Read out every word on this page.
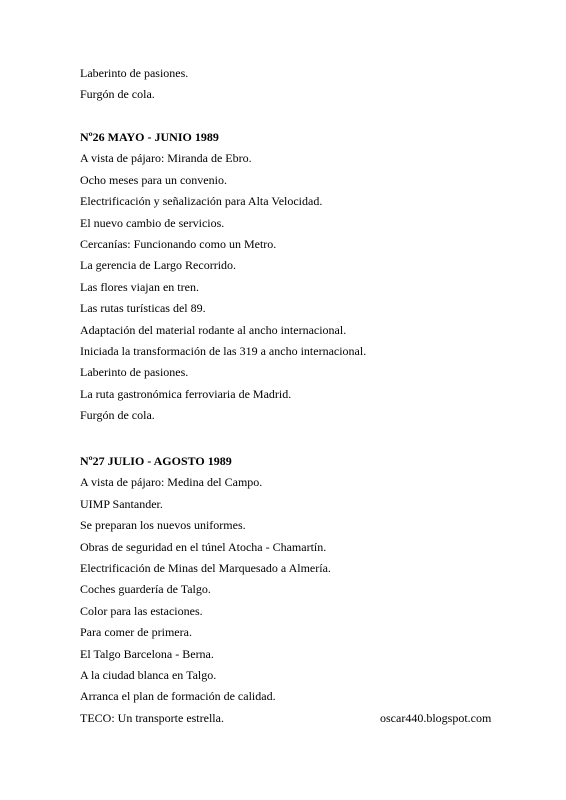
Laberinto de pasiones.
Furgón de cola.
Nº26 MAYO - JUNIO 1989
A vista de pájaro: Miranda de Ebro.
Ocho meses para un convenio.
Electrificación y señalización para Alta Velocidad.
El nuevo cambio de servicios.
Cercanías: Funcionando como un Metro.
La gerencia de Largo Recorrido.
Las flores viajan en tren.
Las rutas turísticas del 89.
Adaptación del material rodante al ancho internacional.
Iniciada la transformación de las 319 a ancho internacional.
Laberinto de pasiones.
La ruta gastronómica ferroviaria de Madrid.
Furgón de cola.
Nº27 JULIO - AGOSTO 1989
A vista de pájaro: Medina del Campo.
UIMP Santander.
Se preparan los nuevos uniformes.
Obras de seguridad en el túnel Atocha - Chamartín.
Electrificación de Minas del Marquesado a Almería.
Coches guardería de Talgo.
Color para las estaciones.
Para comer de primera.
El Talgo Barcelona - Berna.
A la ciudad blanca en Talgo.
Arranca el plan de formación de calidad.
TECO: Un transporte estrella.	oscar440.blogspot.com
